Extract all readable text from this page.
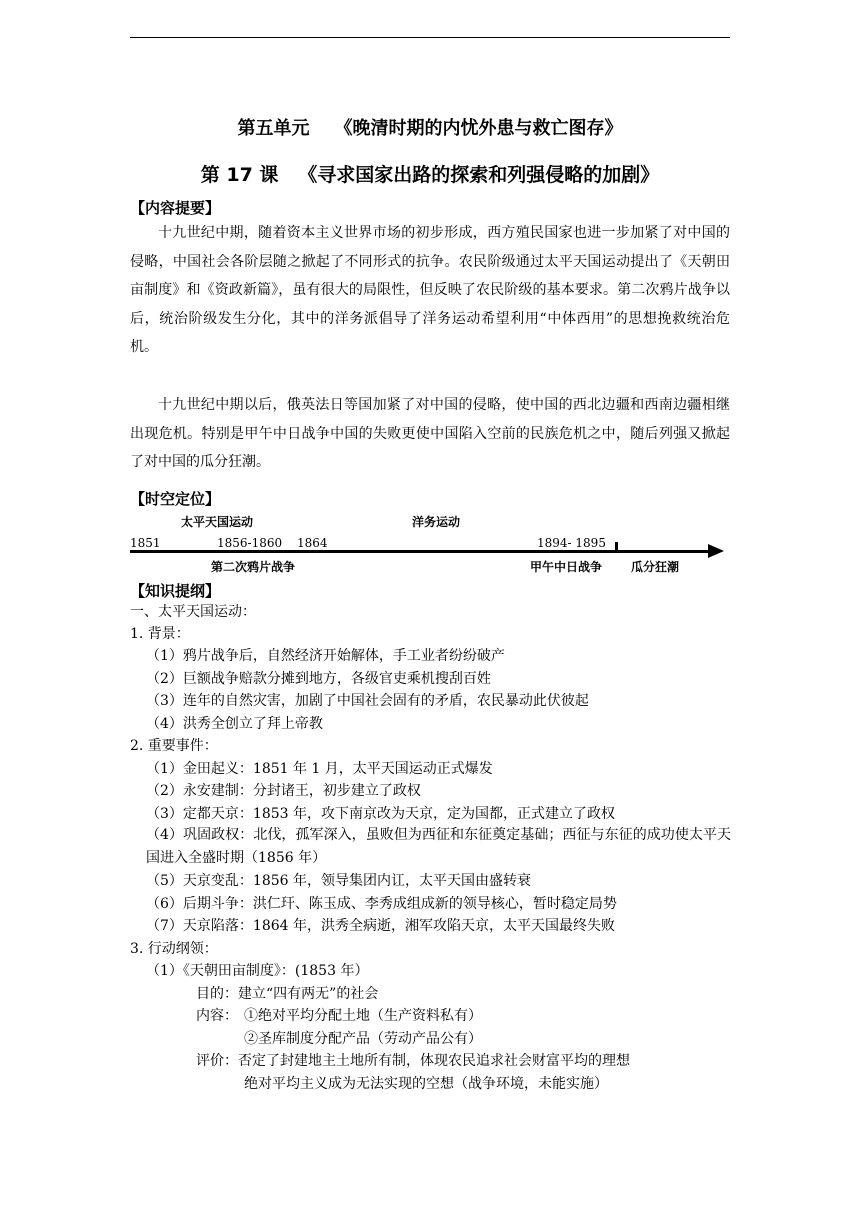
第五单元    《晚清时期的内忧外患与救亡图存》
第 17 课   《寻求国家出路的探索和列强侵略的加剧》
【内容提要】

十九世纪中期，随着资本主义世界市场的初步形成，西方殖民国家也进一步加紧了对中国的侵略，中国社会各阶层随之掀起了不同形式的抗争。农民阶级通过太平天国运动提出了《天朝田亩制度》和《资政新篇》，虽有很大的局限性，但反映了农民阶级的基本要求。第二次鸦片战争以后，统治阶级发生分化，其中的洋务派倡导了洋务运动希望利用“中体西用”的思想挽救统治危机。

十九世纪中期以后，俄英法日等国加紧了对中国的侵略，使中国的西北边疆和西南边疆相继出现危机。特别是甲午中日战争中国的失败更使中国陷入空前的民族危机之中，随后列强又掀起了对中国的瓜分狂潮。

【时空定位】
太平天国运动	洋务运动
1851	1856-1860 1864	1894- 1895
第二次鸦片战争	甲午中日战争 瓜分狂潮
【知识提纲】
一、太平天国运动：
1. 背景：
（1）鸦片战争后，自然经济开始解体，手工业者纷纷破产
（2）巨额战争赔款分摊到地方，各级官吏乘机搜刮百姓
（3）连年的自然灾害，加剧了中国社会固有的矛盾，农民暴动此伏彼起
（4）洪秀全创立了拜上帝教
2. 重要事件：
（1）金田起义：1851 年 1 月，太平天国运动正式爆发
（2）永安建制：分封诸王，初步建立了政权
（3）定都天京：1853 年，攻下南京改为天京，定为国都，正式建立了政权
（4）巩固政权：北伐，孤军深入，虽败但为西征和东征奠定基础；西征与东征的成功使太平天国进入全盛时期（1856 年）
（5）天京变乱：1856 年，领导集团内讧，太平天国由盛转衰
（6）后期斗争：洪仁玕、陈玉成、李秀成组成新的领导核心，暂时稳定局势
（7）天京陷落：1864 年，洪秀全病逝，湘军攻陷天京，太平天国最终失败
3. 行动纲领：
（1）《天朝田亩制度》：(1853 年）
目的：建立“四有两无”的社会
内容： ①绝对平均分配土地（生产资料私有）
②圣库制度分配产品（劳动产品公有）
评价：否定了封建地主土地所有制，体现农民追求社会财富平均的理想
绝对平均主义成为无法实现的空想（战争环境，未能实施）
